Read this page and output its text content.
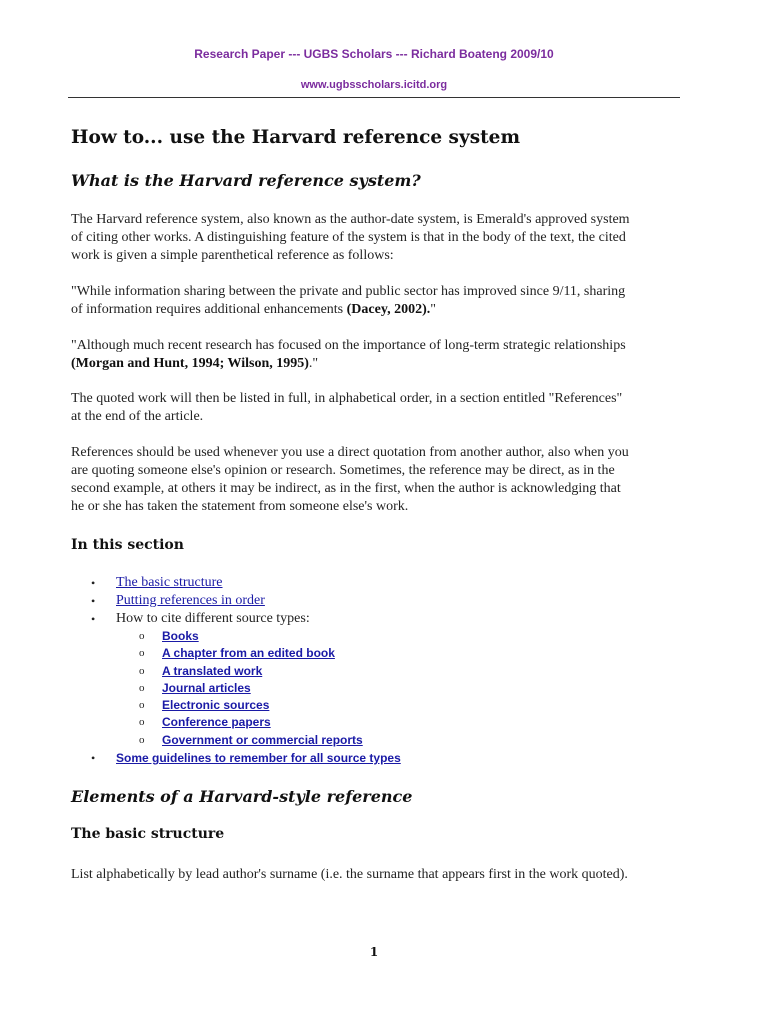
Research Paper --- UGBS Scholars --- Richard Boateng 2009/10
www.ugbsscholars.icitd.org
How to... use the Harvard reference system
What is the Harvard reference system?

The Harvard reference system, also known as the author-date system, is Emerald's approved system
of citing other works. A distinguishing feature of the system is that in the body of the text, the cited
work is given a simple parenthetical reference as follows:

"While information sharing between the private and public sector has improved since 9/11, sharing
of information requires additional enhancements (Dacey, 2002)."

"Although much recent research has focused on the importance of long-term strategic relationships
(Morgan and Hunt, 1994; Wilson, 1995)."

The quoted work will then be listed in full, in alphabetical order, in a section entitled "References"
at the end of the article.

References should be used whenever you use a direct quotation from another author, also when you
are quoting someone else's opinion or research. Sometimes, the reference may be direct, as in the
second example, at others it may be indirect, as in the first, when the author is acknowledging that
he or she has taken the statement from someone else's work.

In this section
• The basic structure
• Putting references in order
• How to cite different source types:
o Books
o A chapter from an edited book
o A translated work
o Journal articles
o Electronic sources
o Conference papers
o Government or commercial reports
• Some guidelines to remember for all source types
Elements of a Harvard-style reference
The basic structure

List alphabetically by lead author's surname (i.e. the surname that appears first in the work quoted).

1
